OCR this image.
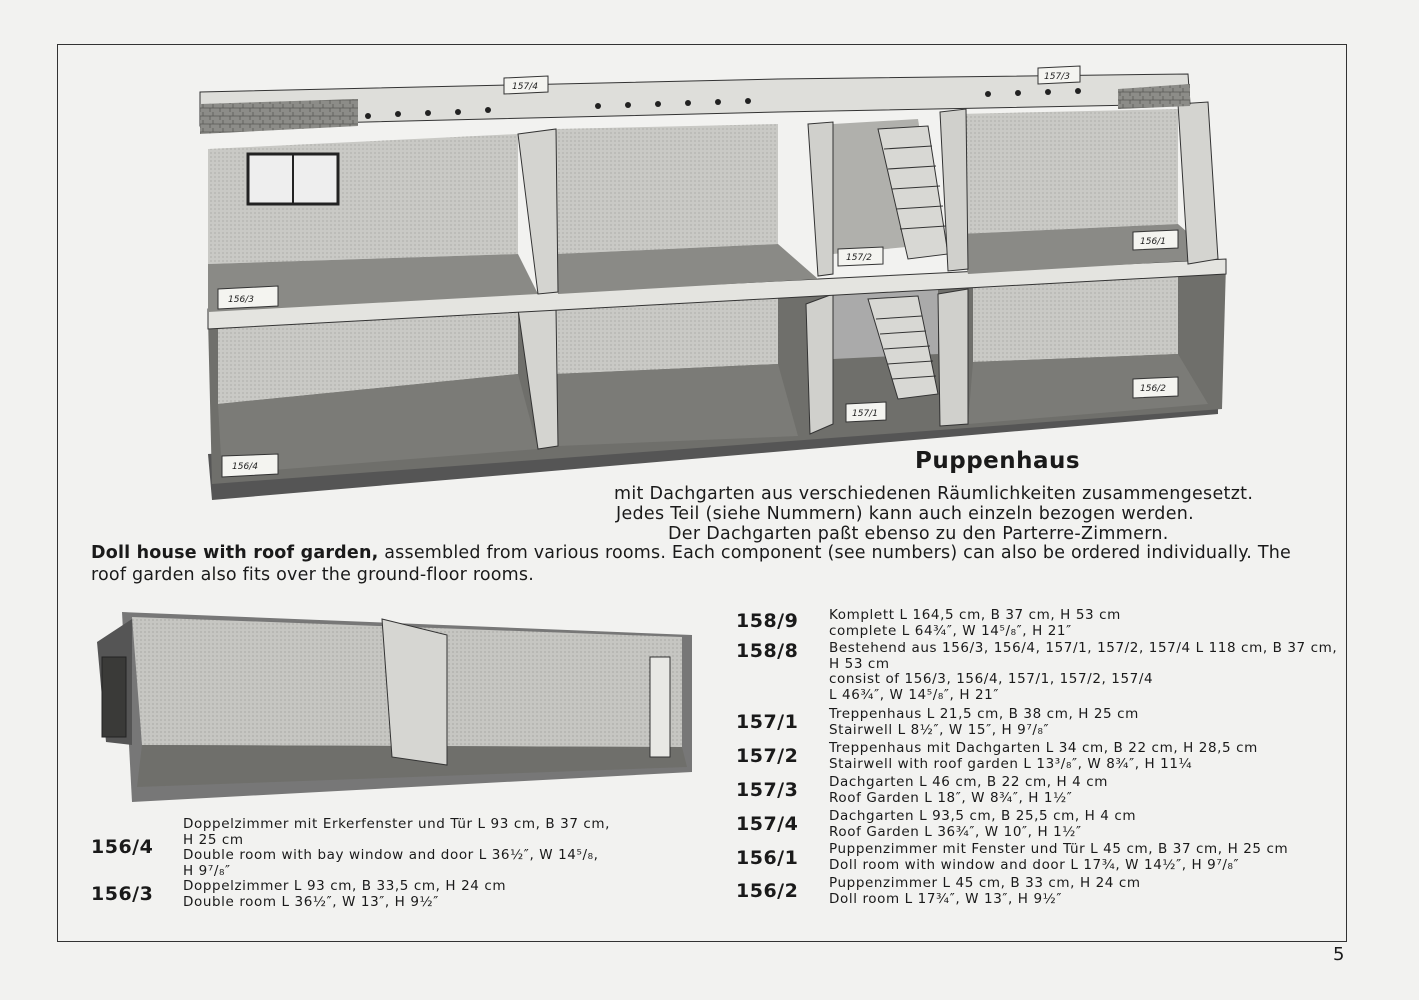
157/4
157/3
157/2
156/1
156/3
157/1
156/2
156/4	Puppenhaus
mit Dachgarten aus verschiedenen Räumlichkeiten zusammengesetzt.
Jedes Teil (siehe Nummern) kann auch einzeln bezogen werden.
Der Dachgarten paßt ebenso zu den Parterre-Zimmern.
Doll house with roof garden, assembled from various rooms. Each component (see numbers) can also be ordered individually. The roof garden also fits over the ground-floor rooms.
156/4
Doppelzimmer mit Erkerfenster und Tür L 93 cm, B 37 cm,
H 25 cm
Double room with bay window and door L 36½″, W 14⁵/₈,
H 9⁷/₈″
156/3 Doppelzimmer L 93 cm, B 33,5 cm, H 24 cm
Double room L 36½″, W 13″, H 9½″
158/9 Komplett L 164,5 cm, B 37 cm, H 53 cm
complete L 64¾″, W 14⁵/₈″, H 21″
158/8 Bestehend aus 156/3, 156/4, 157/1, 157/2, 157/4 L 118 cm, B 37 cm,
H 53 cm
consist of 156/3, 156/4, 157/1, 157/2, 157/4
L 46¾″, W 14⁵/₈″, H 21″
157/1 Treppenhaus L 21,5 cm, B 38 cm, H 25 cm
Stairwell L 8½″, W 15″, H 9⁷/₈″
157/2 Treppenhaus mit Dachgarten L 34 cm, B 22 cm, H 28,5 cm
Stairwell with roof garden L 13³/₈″, W 8¾″, H 11¼
157/3 Dachgarten L 46 cm, B 22 cm, H 4 cm
Roof Garden L 18″, W 8¾″, H 1½″
157/4 Dachgarten L 93,5 cm, B 25,5 cm, H 4 cm
Roof Garden L 36¾″, W 10″, H 1½″
156/1 Puppenzimmer mit Fenster und Tür L 45 cm, B 37 cm, H 25 cm
Doll room with window and door L 17¾, W 14½″, H 9⁷/₈″
156/2 Puppenzimmer L 45 cm, B 33 cm, H 24 cm
Doll room L 17¾″, W 13″, H 9½″
5
